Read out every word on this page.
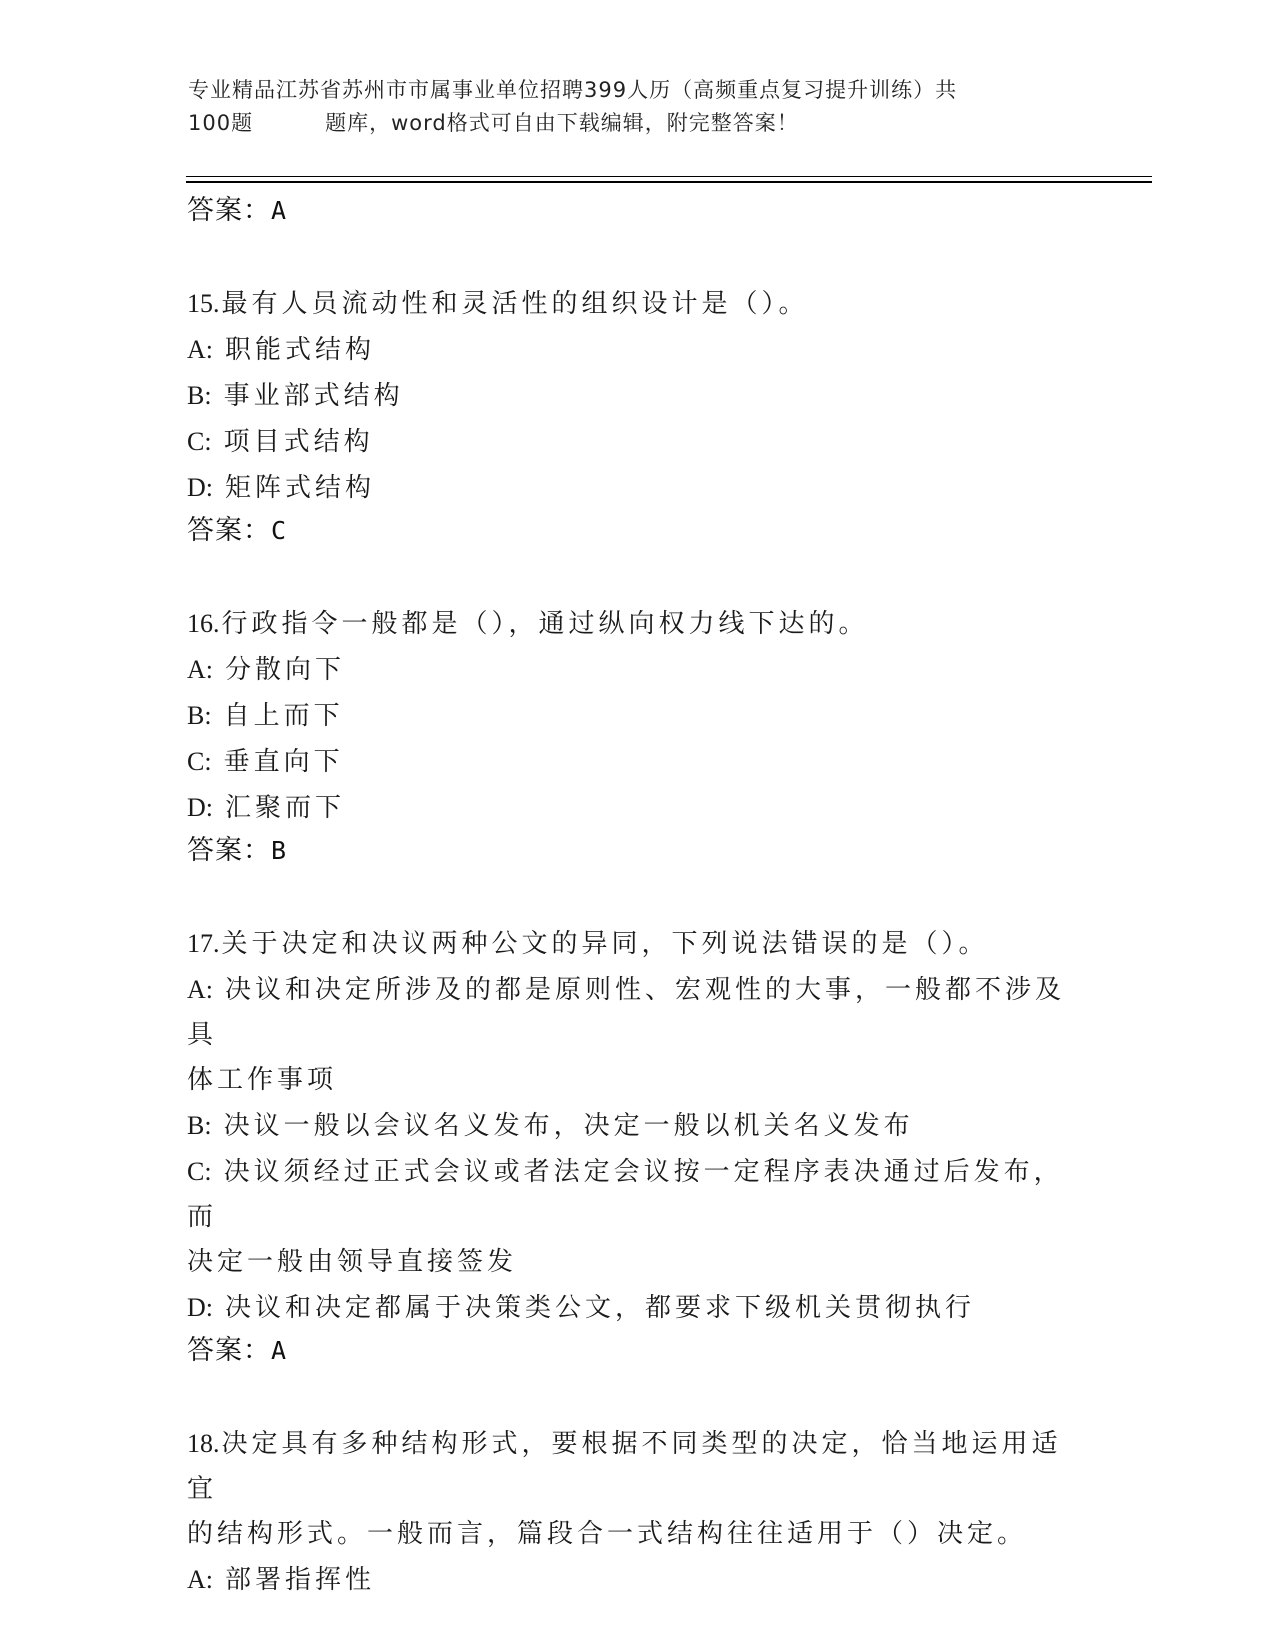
专业精品江苏省苏州市市属事业单位招聘399人历（高频重点复习提升训练）共
100题	题库，word格式可自由下载编辑，附完整答案！
答案：A
15.最有人员流动性和灵活性的组织设计是（）。
A: 职能式结构
B: 事业部式结构
C: 项目式结构
D: 矩阵式结构
答案：C
16.行政指令一般都是（），通过纵向权力线下达的。
A: 分散向下
B: 自上而下
C: 垂直向下
D: 汇聚而下
答案：B
17.关于决定和决议两种公文的异同，下列说法错误的是（）。
A: 决议和决定所涉及的都是原则性、宏观性的大事，一般都不涉及具
体工作事项
B: 决议一般以会议名义发布，决定一般以机关名义发布
C: 决议须经过正式会议或者法定会议按一定程序表决通过后发布，而
决定一般由领导直接签发
D: 决议和决定都属于决策类公文，都要求下级机关贯彻执行
答案：A
18.决定具有多种结构形式，要根据不同类型的决定，恰当地运用适宜
的结构形式。一般而言，篇段合一式结构往往适用于（）决定。
A: 部署指挥性
